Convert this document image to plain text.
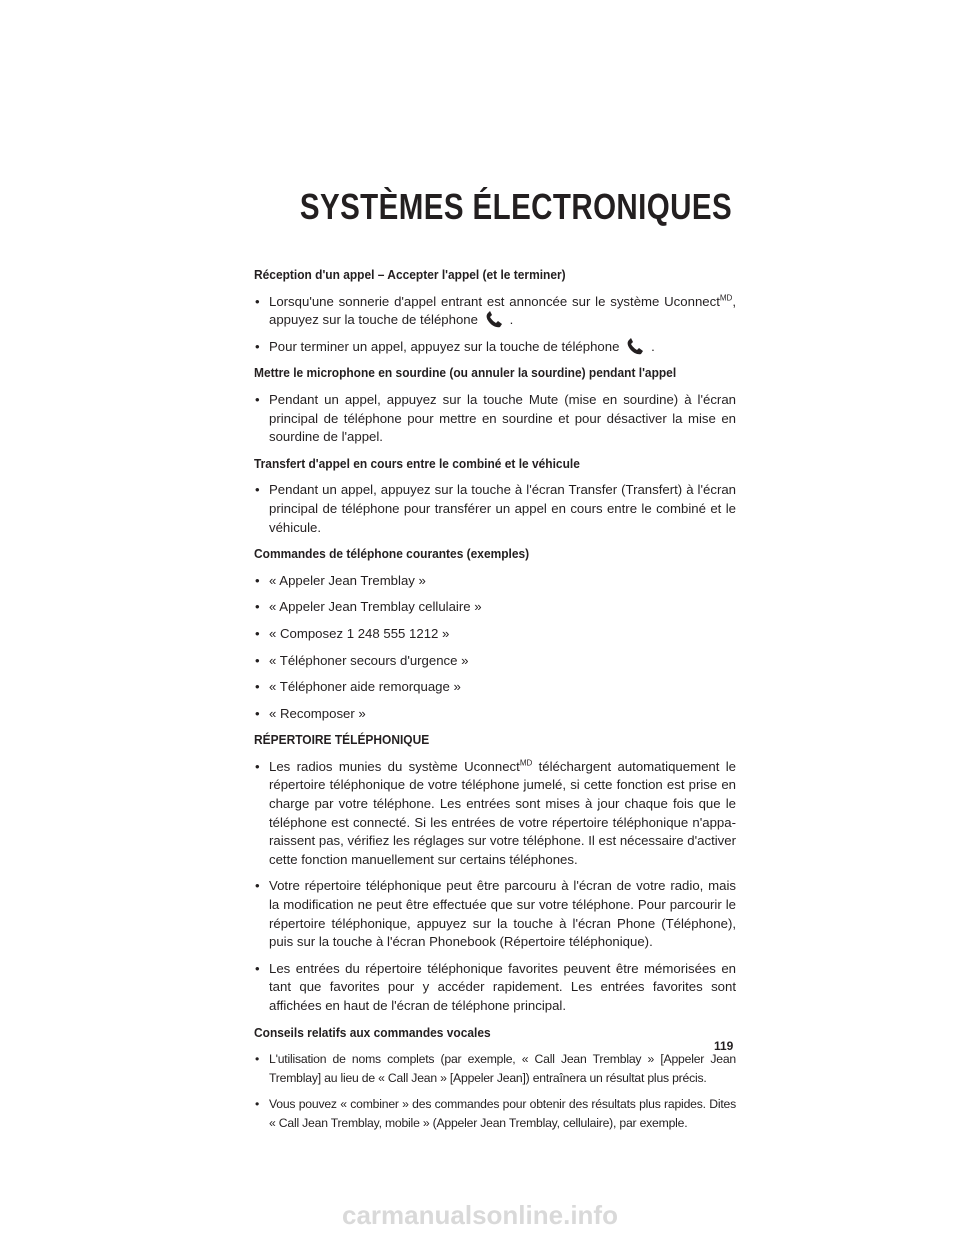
SYSTÈMES ÉLECTRONIQUES
Réception d'un appel – Accepter l'appel (et le terminer)
• Lorsqu'une sonnerie d'appel entrant est annoncée sur le système Uconnect$^{MD}$, appuyez sur la touche de téléphone .
• Pour terminer un appel, appuyez sur la touche de téléphone .
Mettre le microphone en sourdine (ou annuler la sourdine) pendant l'appel
• Pendant un appel, appuyez sur la touche Mute (mise en sourdine) à l'écran principal de téléphone pour mettre en sourdine et pour désactiver la mise en sourdine de l'appel.
Transfert d'appel en cours entre le combiné et le véhicule
• Pendant un appel, appuyez sur la touche à l'écran Transfer (Transfert) à l'écran principal de téléphone pour transférer un appel en cours entre le combiné et le véhicule.
Commandes de téléphone courantes (exemples)
• « Appeler Jean Tremblay »
• « Appeler Jean Tremblay cellulaire »
• « Composez 1 248 555 1212 »
• « Téléphoner secours d'urgence »
• « Téléphoner aide remorquage »
• « Recomposer »
RÉPERTOIRE TÉLÉPHONIQUE
• Les radios munies du système Uconnect$^{MD}$ téléchargent automatiquement le répertoire téléphonique de votre téléphone jumelé, si cette fonction est prise en charge par votre téléphone. Les entrées sont mises à jour chaque fois que le téléphone est connecté. Si les entrées de votre répertoire téléphonique n'appa-raissent pas, vérifiez les réglages sur votre téléphone. Il est nécessaire d'activer cette fonction manuellement sur certains téléphones.
• Votre répertoire téléphonique peut être parcouru à l'écran de votre radio, mais la modification ne peut être effectuée que sur votre téléphone. Pour parcourir le répertoire téléphonique, appuyez sur la touche à l'écran Phone (Téléphone), puis sur la touche à l'écran Phonebook (Répertoire téléphonique).
• Les entrées du répertoire téléphonique favorites peuvent être mémorisées en tant que favorites pour y accéder rapidement. Les entrées favorites sont affichées en haut de l'écran de téléphone principal.
Conseils relatifs aux commandes vocales
• L'utilisation de noms complets (par exemple, « Call Jean Tremblay » [Appeler Jean Tremblay] au lieu de « Call Jean » [Appeler Jean]) entraînera un résultat plus précis.
• Vous pouvez « combiner » des commandes pour obtenir des résultats plus rapides. Dites « Call Jean Tremblay, mobile » (Appeler Jean Tremblay, cellulaire), par exemple.
119
carmanualsonline.info
